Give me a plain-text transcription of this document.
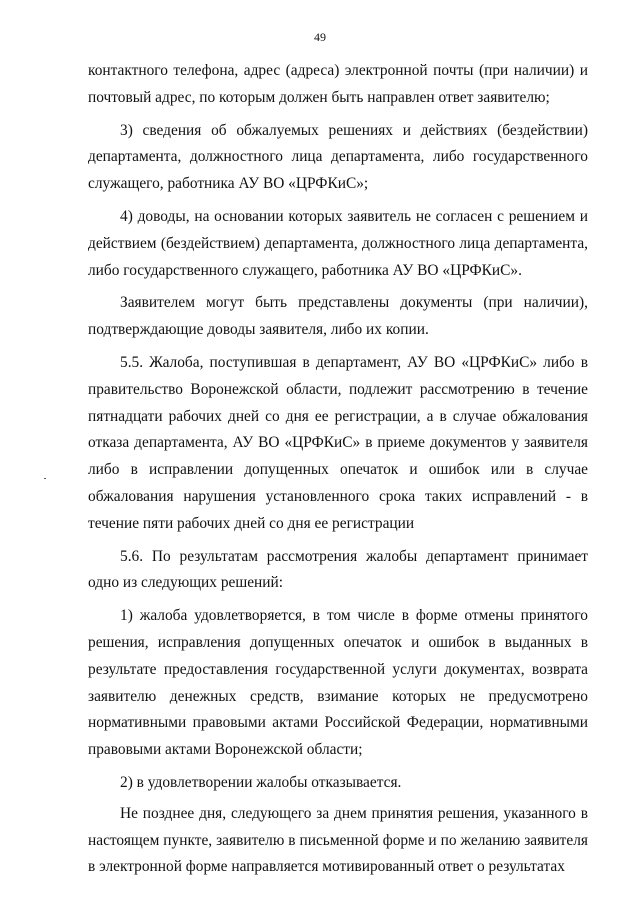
49

контактного телефона, адрес (адреса) электронной почты (при наличии) и почтовый адрес, по которым должен быть направлен ответ заявителю;

3) сведения об обжалуемых решениях и действиях (бездействии) департамента, должностного лица департамента, либо государственного служащего, работника АУ ВО «ЦРФКиС»;

4) доводы, на основании которых заявитель не согласен с решением и действием (бездействием) департамента, должностного лица департамента, либо государственного служащего, работника АУ ВО «ЦРФКиС».

Заявителем могут быть представлены документы (при наличии), подтверждающие доводы заявителя, либо их копии.

5.5. Жалоба, поступившая в департамент, АУ ВО «ЦРФКиС» либо в правительство Воронежской области, подлежит рассмотрению в течение пятнадцати рабочих дней со дня ее регистрации, а в случае обжалования отказа департамента, АУ ВО «ЦРФКиС» в приеме документов у заявителя либо в исправлении допущенных опечаток и ошибок или в случае обжалования нарушения установленного срока таких исправлений - в течение пяти рабочих дней со дня ее регистрации

5.6. По результатам рассмотрения жалобы департамент принимает одно из следующих решений:

1) жалоба удовлетворяется, в том числе в форме отмены принятого решения, исправления допущенных опечаток и ошибок в выданных в результате предоставления государственной услуги документах, возврата заявителю денежных средств, взимание которых не предусмотрено нормативными правовыми актами Российской Федерации, нормативными правовыми актами Воронежской области;

2) в удовлетворении жалобы отказывается.

Не позднее дня, следующего за днем принятия решения, указанного в настоящем пункте, заявителю в письменной форме и по желанию заявителя в электронной форме направляется мотивированный ответ о результатах
